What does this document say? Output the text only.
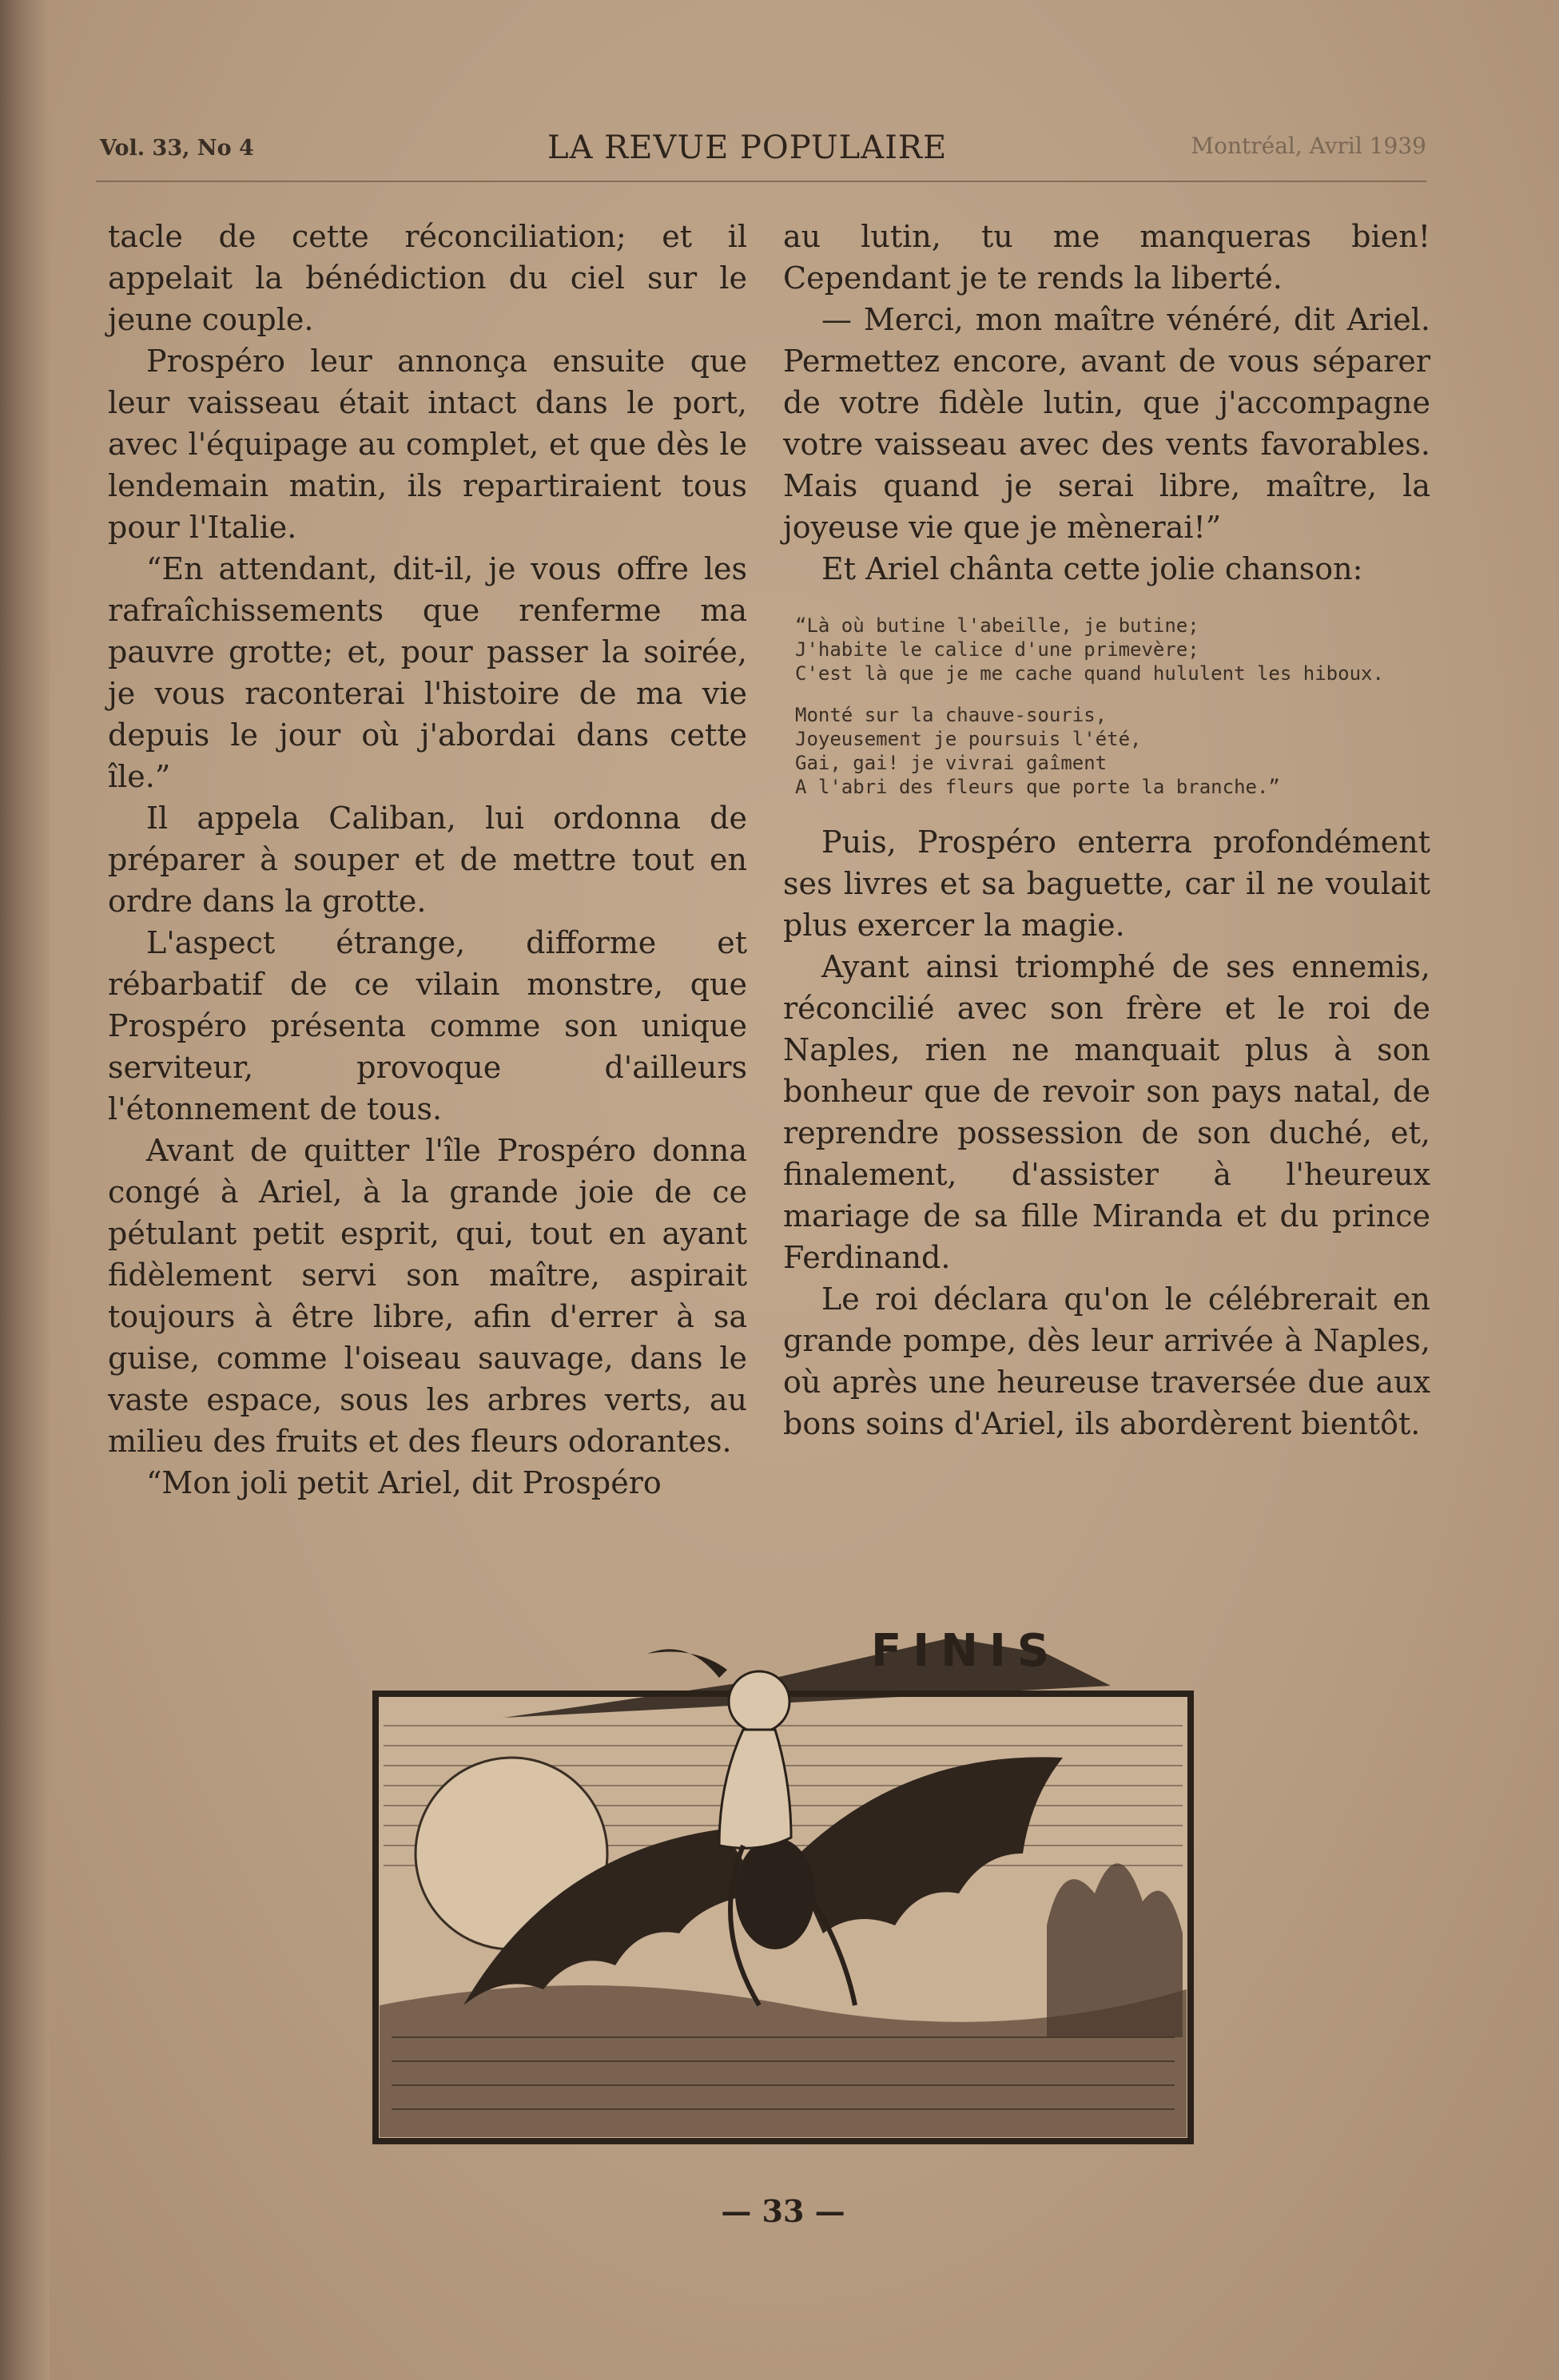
Vol. 33, No 4	LA REVUE POPULAIRE	Montréal, Avril 1939

tacle de cette réconciliation; et il appelait la bénédiction du ciel sur le jeune couple.

Prospéro leur annonça ensuite que leur vaisseau était intact dans le port, avec l'équipage au complet, et que dès le lendemain matin, ils repartiraient tous pour l'Italie.

“En attendant, dit-il, je vous offre les rafraîchissements que renferme ma pauvre grotte; et, pour passer la soirée, je vous raconterai l'histoire de ma vie depuis le jour où j'abordai dans cette île.”

Il appela Caliban, lui ordonna de préparer à souper et de mettre tout en ordre dans la grotte.

L'aspect étrange, difforme et rébarbatif de ce vilain monstre, que Prospéro présenta comme son unique serviteur, provoque d'ailleurs l'étonnement de tous.

Avant de quitter l'île Prospéro donna congé à Ariel, à la grande joie de ce pétulant petit esprit, qui, tout en ayant fidèlement servi son maître, aspirait toujours à être libre, afin d'errer à sa guise, comme l'oiseau sauvage, dans le vaste espace, sous les arbres verts, au milieu des fruits et des fleurs odorantes.

“Mon joli petit Ariel, dit Prospéro

au lutin, tu me manqueras bien! Cependant je te rends la liberté.

— Merci, mon maître vénéré, dit Ariel. Permettez encore, avant de vous séparer de votre fidèle lutin, que j'accompagne votre vaisseau avec des vents favorables. Mais quand je serai libre, maître, la joyeuse vie que je mènerai!”

Et Ariel chânta cette jolie chanson:

“Là où butine l'abeille, je butine;
J'habite le calice d'une primevère;
C'est là que je me cache quand hululent les hiboux.
Monté sur la chauve-souris,
Joyeusement je poursuis l'été,
Gai, gai! je vivrai gaîment
A l'abri des fleurs que porte la branche.”

Puis, Prospéro enterra profondément ses livres et sa baguette, car il ne voulait plus exercer la magie.

Ayant ainsi triomphé de ses ennemis, réconcilié avec son frère et le roi de Naples, rien ne manquait plus à son bonheur que de revoir son pays natal, de reprendre possession de son duché, et, finalement, d'assister à l'heureux mariage de sa fille Miranda et du prince Ferdinand.

Le roi déclara qu'on le célébrerait en grande pompe, dès leur arrivée à Naples, où après une heureuse traversée due aux bons soins d'Ariel, ils abordèrent bientôt.

FINIS
— 33 —
